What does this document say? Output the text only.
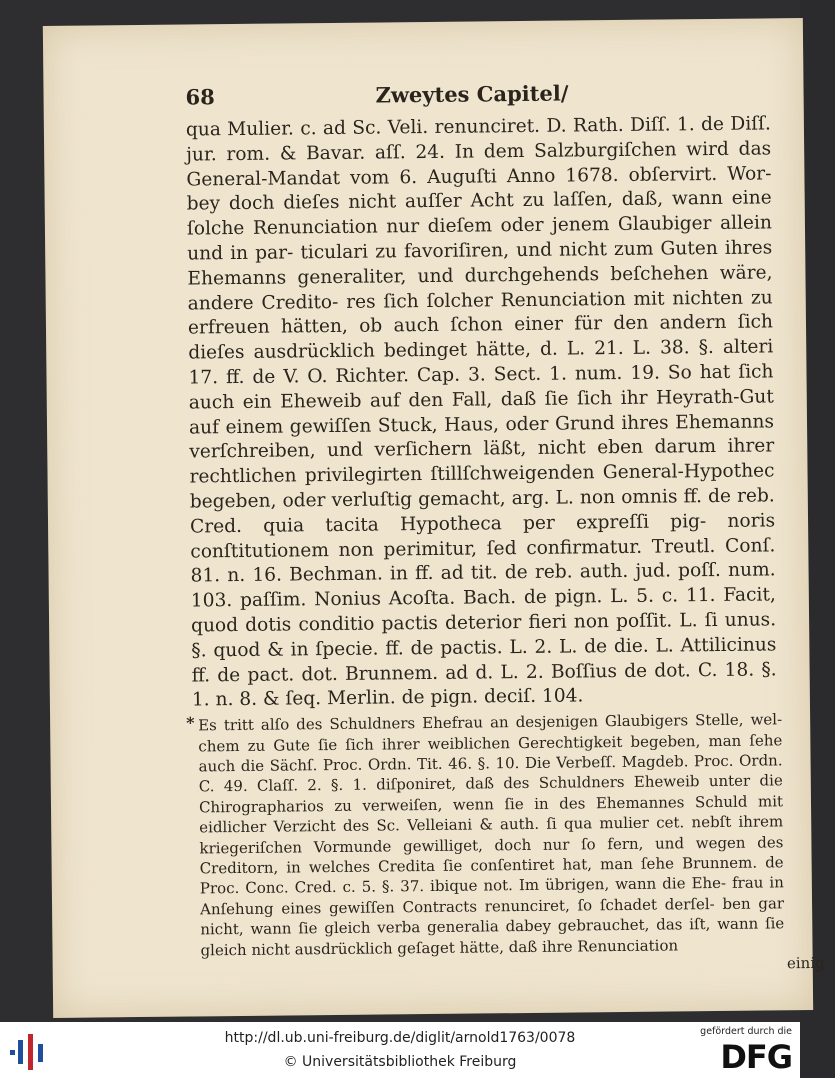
68	Zweytes Capitel/

qua Mulier. c. ad Sc. Veli. renunciret. D. Rath. Diſſ. 1. de Diſſ. jur. rom. & Bavar. aſſ. 24. In dem Salzburgiſchen wird das General-Mandat vom 6. Auguſti Anno 1678. obſervirt. Wor- bey doch dieſes nicht auſſer Acht zu laſſen, daß, wann eine ſolche Renunciation nur dieſem oder jenem Glaubiger allein und in par- ticulari zu favoriſiren, und nicht zum Guten ihres Ehemanns generaliter, und durchgehends beſchehen wäre, andere Credito- res ſich ſolcher Renunciation mit nichten zu erfreuen hätten, ob auch ſchon einer für den andern ſich dieſes ausdrücklich bedinget hätte, d. L. 21. L. 38. §. alteri 17. ff. de V. O. Richter. Cap. 3. Sect. 1. num. 19. So hat ſich auch ein Eheweib auf den Fall, daß ſie ſich ihr Heyrath-Gut auf einem gewiſſen Stuck, Haus, oder Grund ihres Ehemanns verſchreiben, und verſichern läßt, nicht eben darum ihrer rechtlichen privilegirten ſtillſchweigenden General-Hypothec begeben, oder verluſtig gemacht, arg. L. non omnis ff. de reb. Cred. quia tacita Hypotheca per expreſſi pig- noris conſtitutionem non perimitur, ſed confirmatur. Treutl. Conſ. 81. n. 16. Bechman. in ff. ad tit. de reb. auth. jud. poſſ. num. 103. paſſim. Nonius Acoſta. Bach. de pign. L. 5. c. 11. Facit, quod dotis conditio pactis deterior fieri non poſſit. L. ſi unus. §. quod & in ſpecie. ff. de pactis. L. 2. L. de die. L. Attilicinus ff. de pact. dot. Brunnem. ad d. L. 2. Boſſius de dot. C. 18. §. 1. n. 8. & ſeq. Merlin. de pign. deciſ. 104.

* Es tritt alſo des Schuldners Ehefrau an desjenigen Glaubigers Stelle, wel- chem zu Gute ſie ſich ihrer weiblichen Gerechtigkeit begeben, man ſehe auch die Sächſ. Proc. Ordn. Tit. 46. §. 10. Die Verbeſſ. Magdeb. Proc. Ordn. C. 49. Claſſ. 2. §. 1. diſponiret, daß des Schuldners Eheweib unter die Chirographarios zu verweiſen, wenn ſie in des Ehemannes Schuld mit eidlicher Verzicht des Sc. Velleiani & auth. ſi qua mulier cet. nebſt ihrem kriegeriſchen Vormunde gewilliget, doch nur ſo fern, und wegen des Creditorn, in welches Credita ſie conſentiret hat, man ſehe Brunnem. de Proc. Conc. Cred. c. 5. §. 37. ibique not. Im übrigen, wann die Ehe- frau in Anſehung eines gewiſſen Contracts renunciret, ſo ſchadet derſel- ben gar nicht, wann ſie gleich verba generalia dabey gebrauchet, das iſt, wann ſie gleich nicht ausdrücklich geſaget hätte, daß ihre Renunciation

einig
http://dl.ub.uni-freiburg.de/diglit/arnold1763/0078
© Universitätsbibliothek Freiburg
gefördert durch die
DFG
